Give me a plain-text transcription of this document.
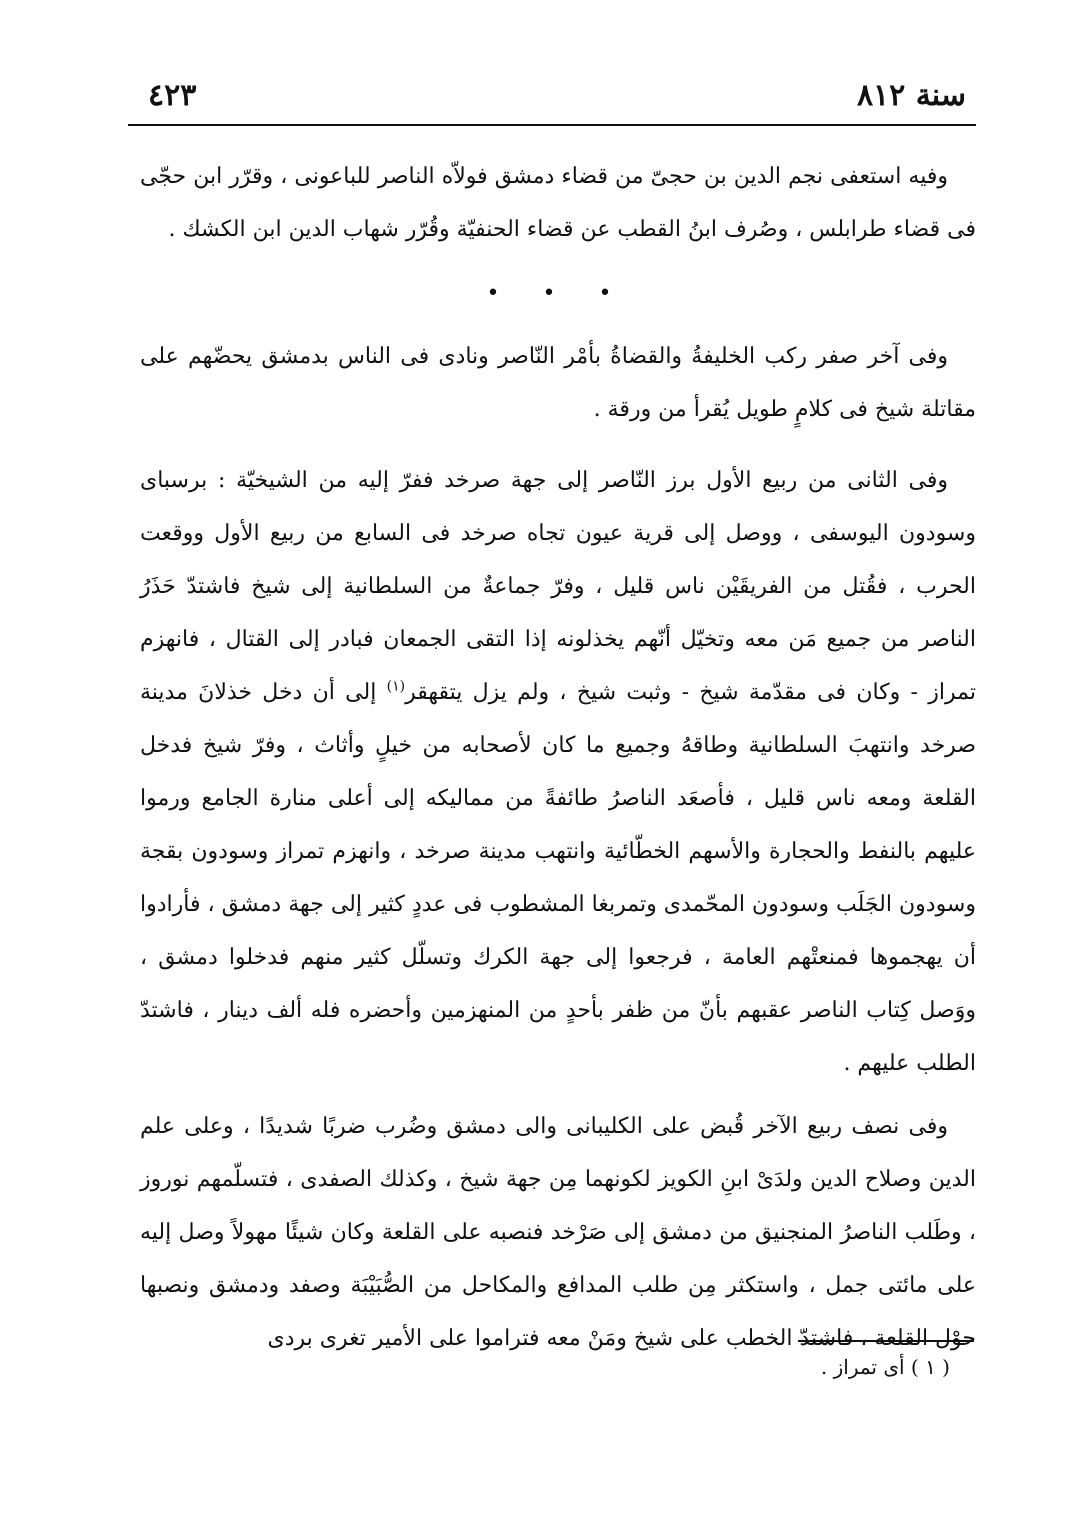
سنة ٨١٢
٤٢٣

وفيه استعفى نجم الدين بن حجىّ من قضاء دمشق فولاّه الناصر للباعونى ، وقرّر ابن حجّى فى قضاء طرابلس ، وصُرف ابنُ القطب عن قضاء الحنفيّة وقُرّر شهاب الدين ابن الكشك .

• • •

وفى آخر صفر ركب الخليفةُ والقضاةُ بأمْر النّاصر ونادى فى الناس بدمشق يحضّهم على مقاتلة شيخ فى كلامٍ طويل يُقرأ من ورقة .

وفى الثانى من ربيع الأول برز النّاصر إلى جهة صرخد ففرّ إليه من الشيخيّة : برسباى وسودون اليوسفى ، ووصل إلى قرية عيون تجاه صرخد فى السابع من ربيع الأول ووقعت الحرب ، فقُتل من الفريقَيْن ناس قليل ، وفرّ جماعةٌ من السلطانية إلى شيخ فاشتدّ حَذَرُ الناصر من جميع مَن معه وتخيّل أنّهم يخذلونه إذا التقى الجمعان فبادر إلى القتال ، فانهزم تمراز - وكان فى مقدّمة شيخ - وثبت شيخ ، ولم يزل يتقهقر$^{(١)}$ إلى أن دخل خذلانَ مدينة صرخد وانتهبَ السلطانية وطاقهُ وجميع ما كان لأصحابه من خيلٍ وأثاث ، وفرّ شيخ فدخل القلعة ومعه ناس قليل ، فأصعَد الناصرُ طائفةً من مماليكه إلى أعلى منارة الجامع ورموا عليهم بالنفط والحجارة والأسهم الخطّائية وانتهب مدينة صرخد ، وانهزم تمراز وسودون بقجة وسودون الجَلَب وسودون المحّمدى وتمربغا المشطوب فى عددٍ كثير إلى جهة دمشق ، فأرادوا أن يهجموها فمنعتْهم العامة ، فرجعوا إلى جهة الكرك وتسلّل كثير منهم فدخلوا دمشق ، ووَصل كِتاب الناصر عقبهم بأنّ من ظفر بأحدٍ من المنهزمين وأحضره فله ألف دينار ، فاشتدّ الطلب عليهم .

وفى نصف ربيع الآخر قُبض على الكليبانى والى دمشق وضُرب ضربًا شديدًا ، وعلى علم الدين وصلاح الدين ولدَىْ ابنِ الكويز لكونهما مِن جهة شيخ ، وكذلك الصفدى ، فتسلّمهم نوروز ، وطَلب الناصرُ المنجنيق من دمشق إلى صَرْخد فنصبه على القلعة وكان شيئًا مهولاً وصل إليه على مائتى جمل ، واستكثر مِن طلب المدافع والمكاحل من الصُّبَيْبَة وصفد ودمشق ونصبها حوْل القلعة ، فاشتدّ الخطب على شيخ ومَنْ معه فتراموا على الأمير تغرى بردى

( ١ ) أى تمراز .
